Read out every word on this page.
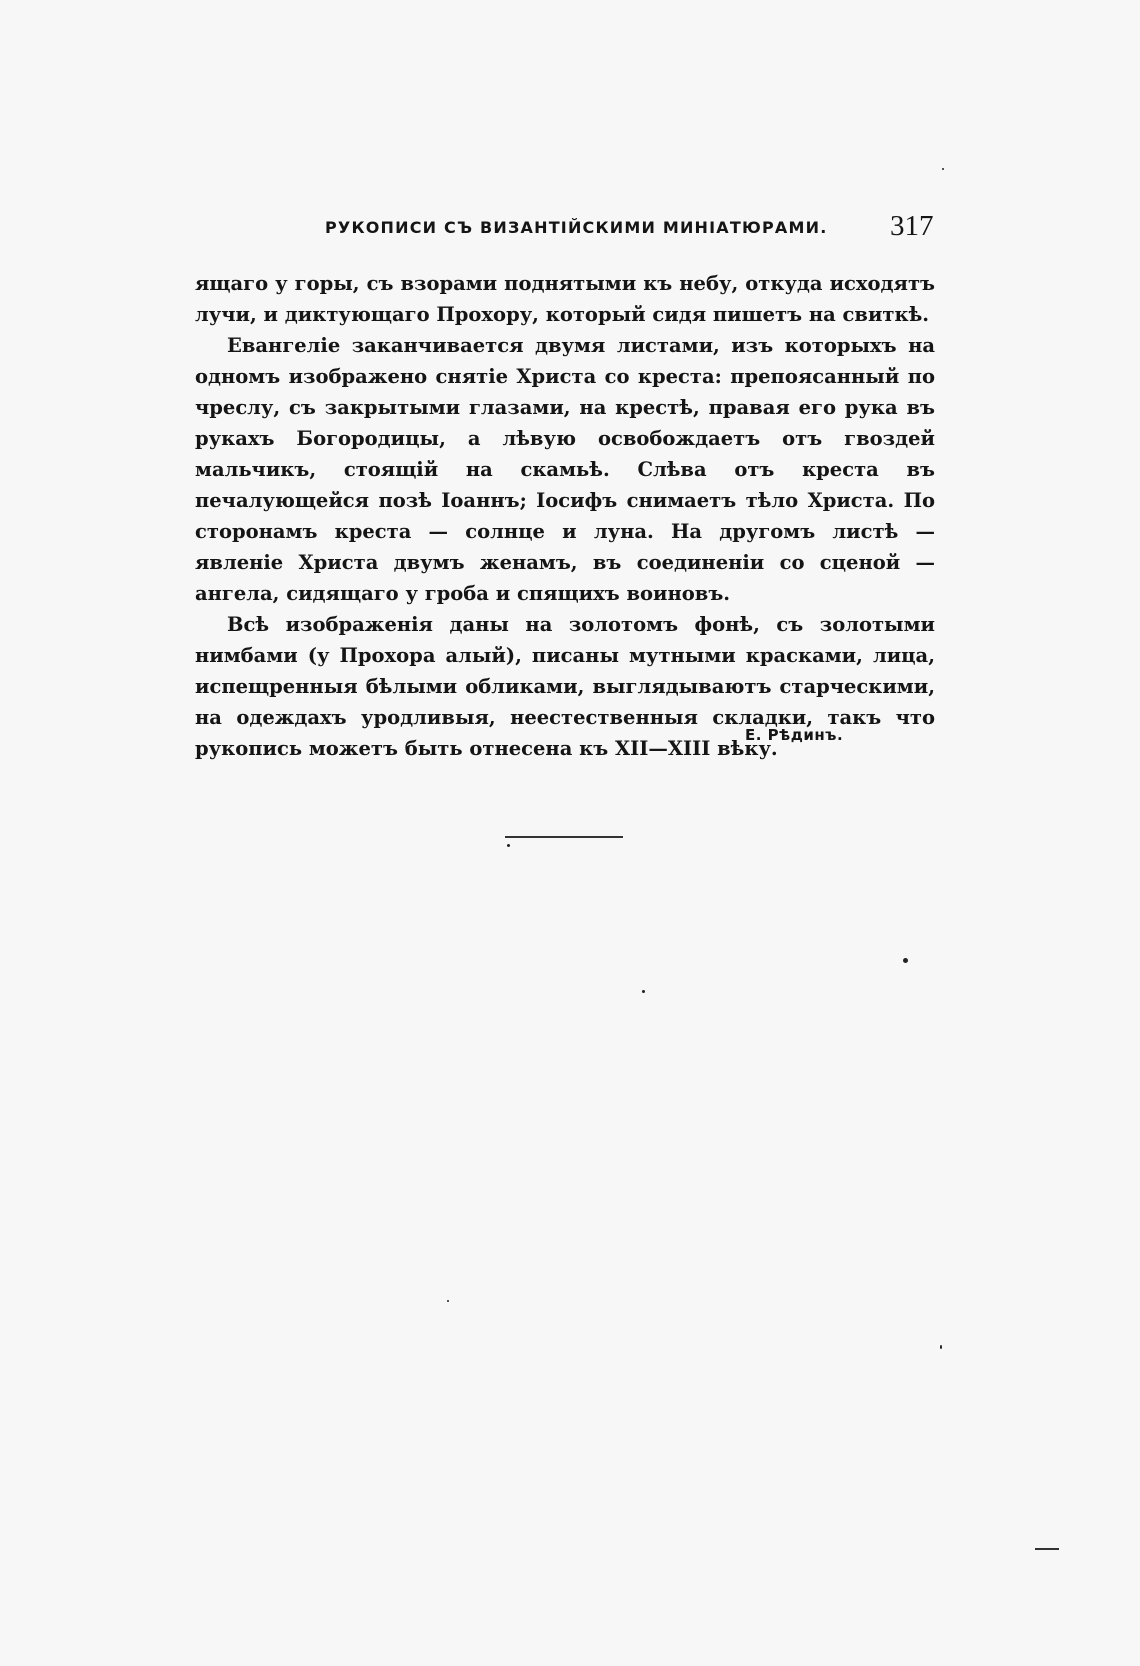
РУКОПИСИ СЪ ВИЗАНТІЙСКИМИ МИНІАТЮРАМИ. 317

ящаго у горы, съ взорами поднятыми къ небу, откуда исходятъ лучи, и диктующаго Прохору, который сидя пишетъ на свиткѣ.

Евангеліе заканчивается двумя листами, изъ которыхъ на одномъ изображено снятіе Христа со креста: препоясанный по чреслу, съ закрытыми глазами, на крестѣ, правая его рука въ рукахъ Богородицы, а лѣвую освобождаетъ отъ гвоздей мальчикъ, стоящій на скамьѣ. Слѣва отъ креста въ печалующейся позѣ Іоаннъ; Іосифъ снимаетъ тѣло Христа. По сторонамъ креста — солнце и луна. На другомъ листѣ — явленіе Христа двумъ женамъ, въ соединеніи со сценой — ангела, сидящаго у гроба и спящихъ воиновъ.

Всѣ изображенія даны на золотомъ фонѣ, съ золотыми нимбами (у Прохора алый), писаны мутными красками, лица, испещренныя бѣлыми обликами, выглядываютъ старческими, на одеждахъ уродливыя, неестественныя складки, такъ что рукопись можетъ быть отнесена къ XII—XIII вѣку.

Е. Рѣдинъ.
